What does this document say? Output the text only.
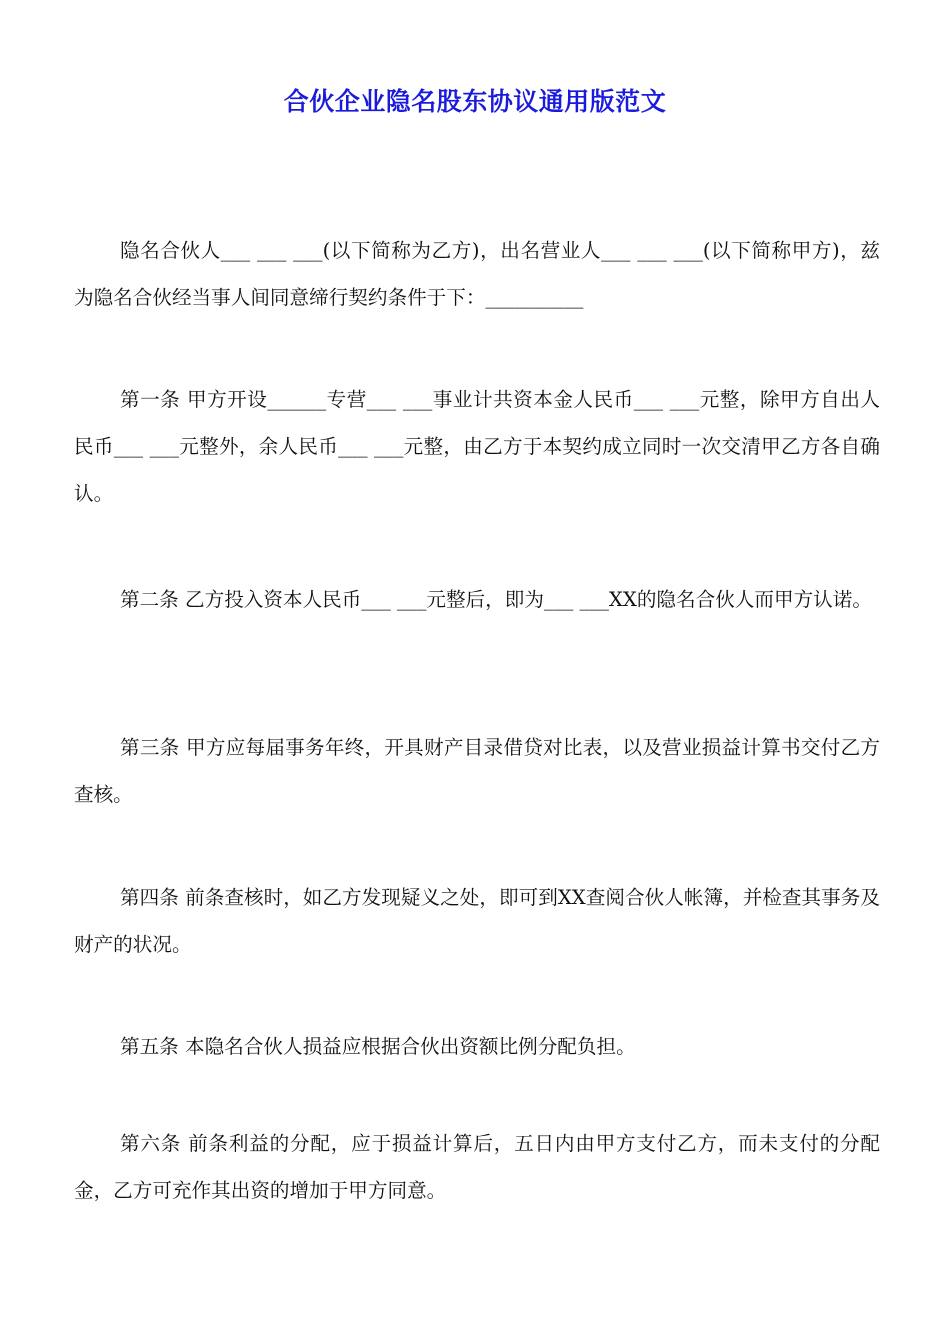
合伙企业隐名股东协议通用版范文

隐名合伙人___ ___ ___(以下简称为乙方)，出名营业人___ ___ ___(以下简称甲方)，兹为隐名合伙经当事人间同意缔行契约条件于下：__________

第一条 甲方开设______专营___ ___事业计共资本金人民币___ ___元整，除甲方自出人民币___ ___元整外，余人民币___ ___元整，由乙方于本契约成立同时一次交清甲乙方各自确认。

第二条 乙方投入资本人民币___ ___元整后，即为___ ___XX的隐名合伙人而甲方认诺。

第三条 甲方应每届事务年终，开具财产目录借贷对比表，以及营业损益计算书交付乙方查核。

第四条 前条查核时，如乙方发现疑义之处，即可到XX查阅合伙人帐簿，并检查其事务及财产的状况。

第五条 本隐名合伙人损益应根据合伙出资额比例分配负担。

第六条 前条利益的分配，应于损益计算后，五日内由甲方支付乙方，而未支付的分配金，乙方可充作其出资的增加于甲方同意。
